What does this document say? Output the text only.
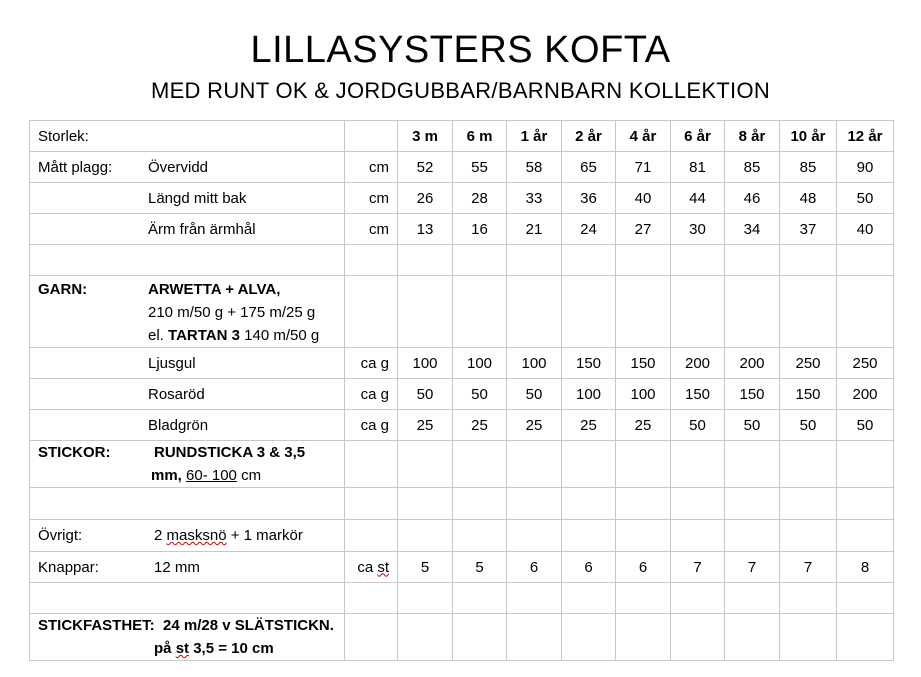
LILLASYSTERS KOFTA
MED RUNT OK & JORDGUBBAR/BARNBARN KOLLEKTION
Storlek:		3 m	6 m	1 år	2 år	4 år	6 år	8 år	10 år	12 år
Mått plagg: Övervidd	cm	52	55	58	65	71	81	85	85	90
Längd mitt bak	cm	26	28	33	36	40	44	46	48	50
Ärm från ärmhål	cm	13	16	21	24	27	30	34	37	40

GARN: ARWETTA + ALVA,
210 m/50 g + 175 m/25 g
el. TARTAN 3 140 m/50 g										

Ljusgul	ca g	100	100	100	150	150	200	200	250	250
Rosaröd	ca g	50	50	50	100	100	150	150	150	200
Bladgrön	ca g	25	25	25	25	25	50	50	50	50

STICKOR: RUNDSTICKA 3 & 3,5
mm, 60- 100 cm										

Övrigt: 2 masksnö + 1 markör										
Knappar: 12 mm	ca st	5	5	6	6	6	7	7	7	8

STICKFASTHET: 24 m/28 v SLÄTSTICKN.
på st 3,5 = 10 cm										
